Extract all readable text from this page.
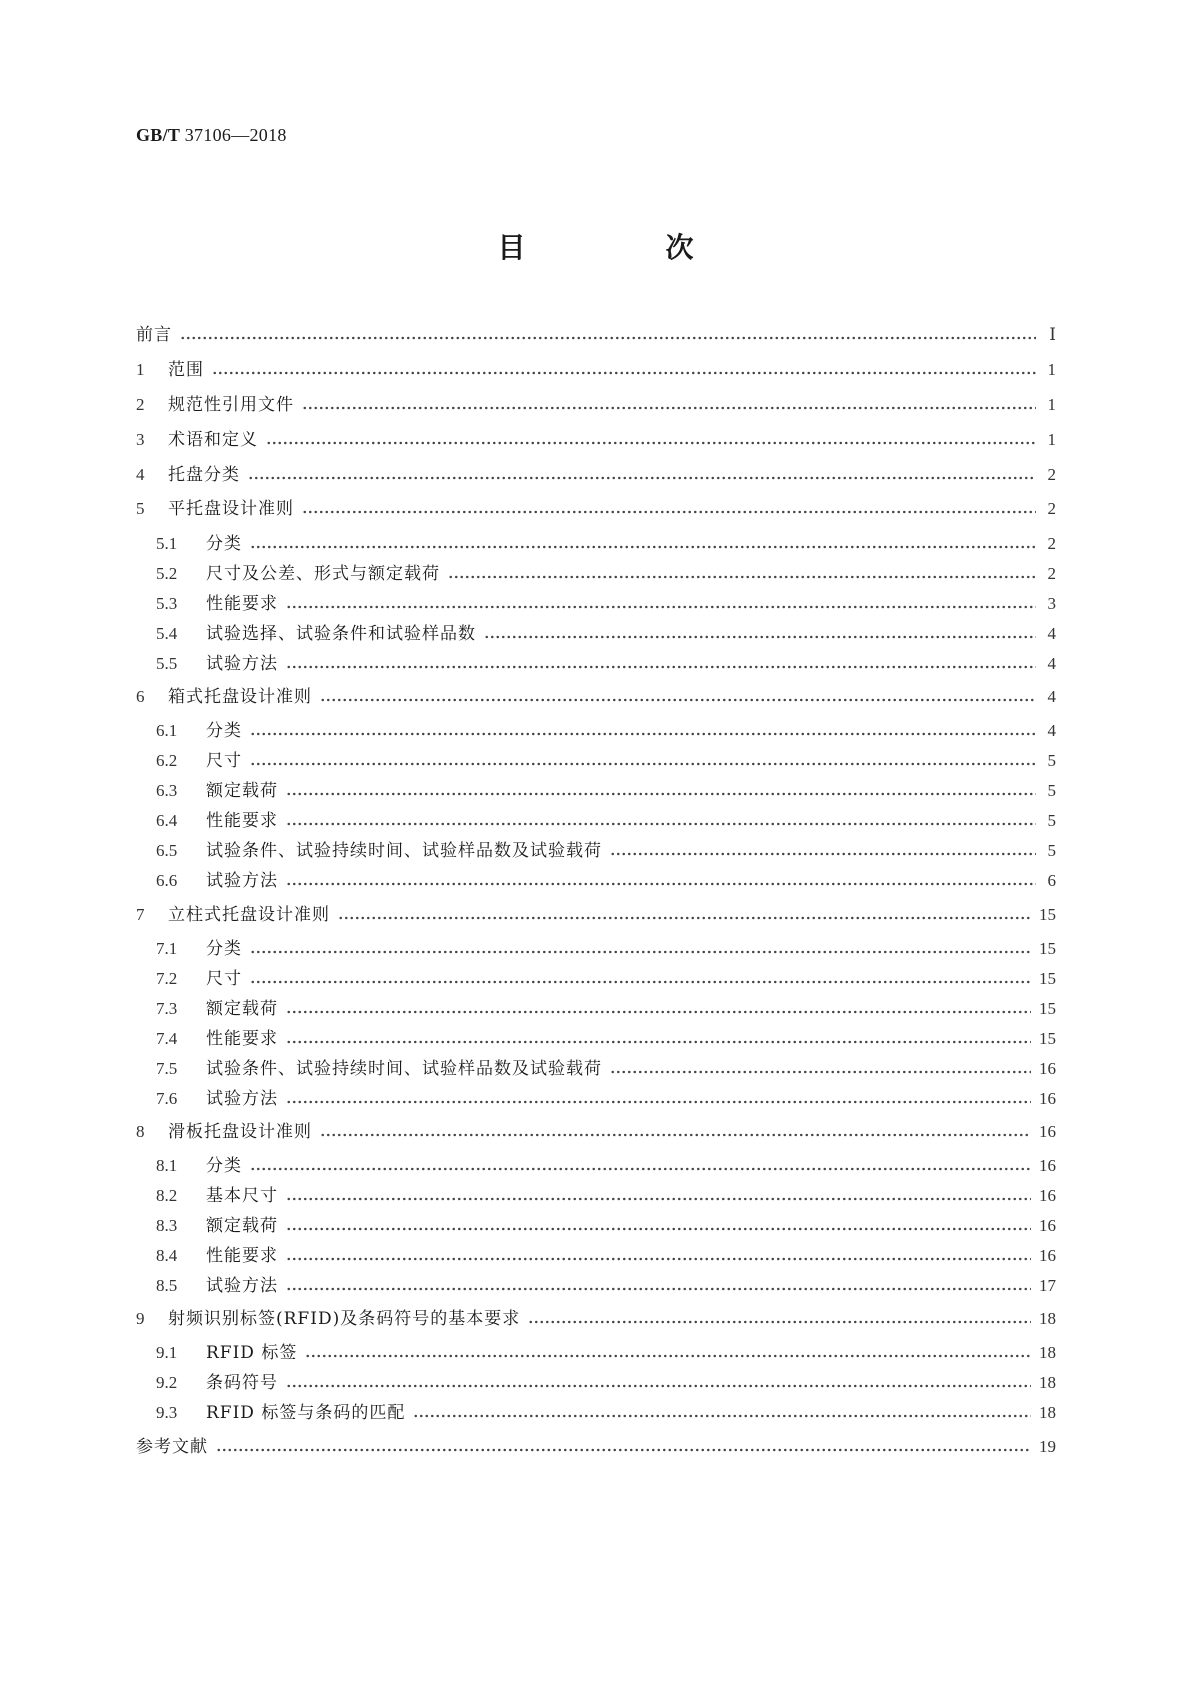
GB/T 37106—2018
目　次
前言	Ⅰ
1	范围	1
2	规范性引用文件	1
3	术语和定义	1
4	托盘分类	2
5	平托盘设计准则	2
5.1	分类	2
5.2	尺寸及公差、形式与额定载荷	2
5.3	性能要求	3
5.4	试验选择、试验条件和试验样品数	4
5.5	试验方法	4
6	箱式托盘设计准则	4
6.1	分类	4
6.2	尺寸	5
6.3	额定载荷	5
6.4	性能要求	5
6.5	试验条件、试验持续时间、试验样品数及试验载荷	5
6.6	试验方法	6
7	立柱式托盘设计准则	15
7.1	分类	15
7.2	尺寸	15
7.3	额定载荷	15
7.4	性能要求	15
7.5	试验条件、试验持续时间、试验样品数及试验载荷	16
7.6	试验方法	16
8	滑板托盘设计准则	16
8.1	分类	16
8.2	基本尺寸	16
8.3	额定载荷	16
8.4	性能要求	16
8.5	试验方法	17
9	射频识别标签(RFID)及条码符号的基本要求	18
9.1	RFID 标签	18
9.2	条码符号	18
9.3	RFID 标签与条码的匹配	18
参考文献	19
